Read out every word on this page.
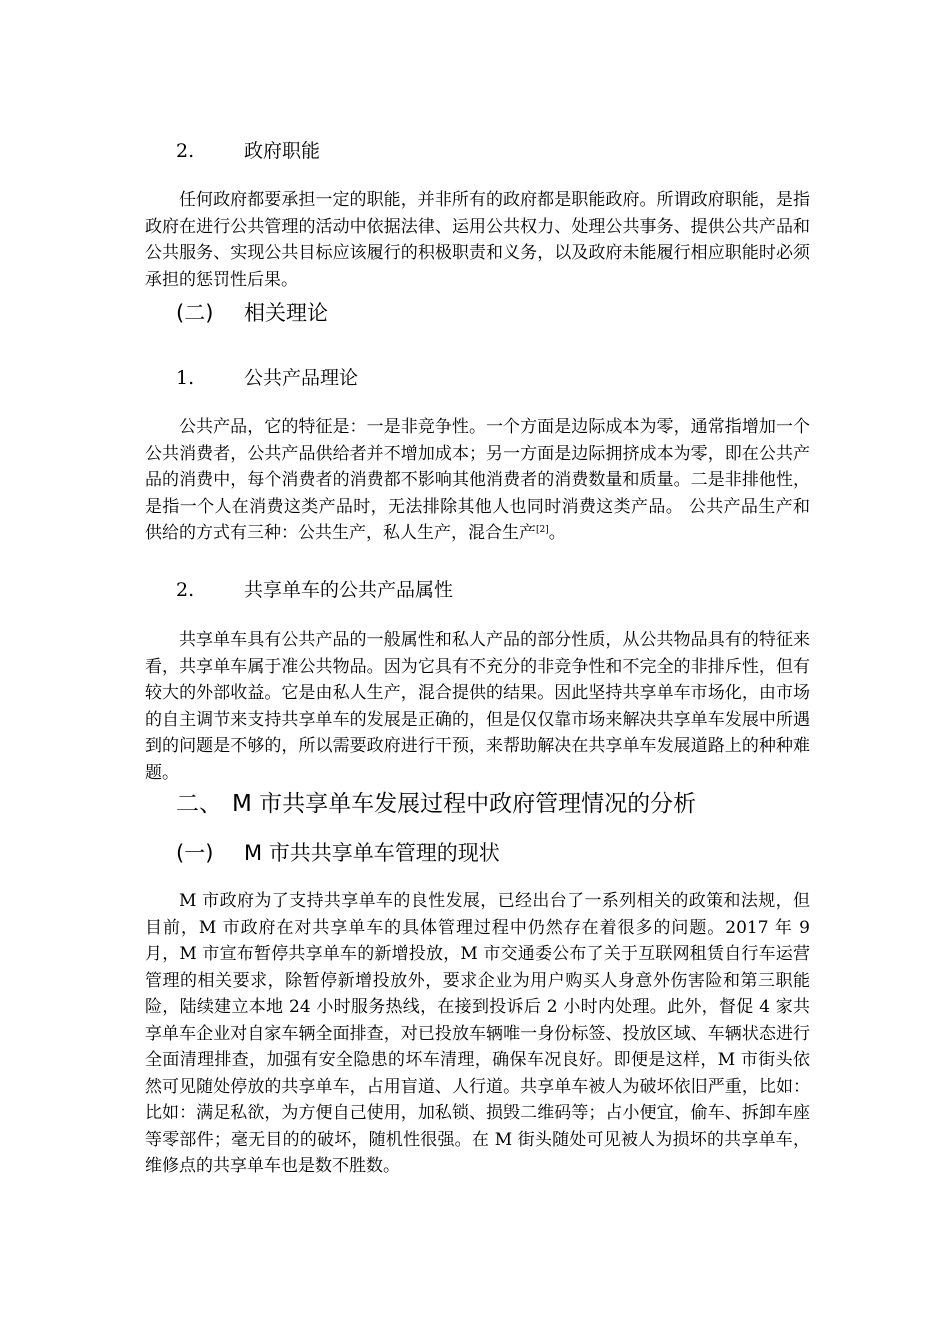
2.	政府职能

任何政府都要承担一定的职能，并非所有的政府都是职能政府。所谓政府职能，是指政府在进行公共管理的活动中依据法律、运用公共权力、处理公共事务、提供公共产品和公共服务、实现公共目标应该履行的积极职责和义务，以及政府未能履行相应职能时必须承担的惩罚性后果。

(二) 相关理论
1.	公共产品理论

公共产品，它的特征是：一是非竞争性。一个方面是边际成本为零，通常指增加一个公共消费者，公共产品供给者并不增加成本；另一方面是边际拥挤成本为零，即在公共产品的消费中，每个消费者的消费都不影响其他消费者的消费数量和质量。二是非排他性，是指一个人在消费这类产品时，无法排除其他人也同时消费这类产品。 公共产品生产和供给的方式有三种：公共生产，私人生产，混合生产[2]。

2.	共享单车的公共产品属性

共享单车具有公共产品的一般属性和私人产品的部分性质，从公共物品具有的特征来看，共享单车属于准公共物品。因为它具有不充分的非竞争性和不完全的非排斥性，但有较大的外部收益。它是由私人生产，混合提供的结果。因此坚持共享单车市场化，由市场的自主调节来支持共享单车的发展是正确的，但是仅仅靠市场来解决共享单车发展中所遇到的问题是不够的，所以需要政府进行干预，来帮助解决在共享单车发展道路上的种种难题。

二、 M 市共享单车发展过程中政府管理情况的分析
(一) M 市共共享单车管理的现状

M 市政府为了支持共享单车的良性发展，已经出台了一系列相关的政策和法规，但目前，M 市政府在对共享单车的具体管理过程中仍然存在着很多的问题。2017 年 9 月，M 市宣布暂停共享单车的新增投放，M 市交通委公布了关于互联网租赁自行车运营管理的相关要求，除暂停新增投放外，要求企业为用户购买人身意外伤害险和第三职能险，陆续建立本地 24 小时服务热线，在接到投诉后 2 小时内处理。此外，督促 4 家共享单车企业对自家车辆全面排查，对已投放车辆唯一身份标签、投放区域、车辆状态进行全面清理排查，加强有安全隐患的坏车清理，确保车况良好。即便是这样，M 市街头依然可见随处停放的共享单车，占用盲道、人行道。共享单车被人为破坏依旧严重，比如：比如：满足私欲，为方便自己使用，加私锁、损毁二维码等；占小便宜，偷车、拆卸车座等零部件；毫无目的的破坏，随机性很强。在 M 街头随处可见被人为损坏的共享单车，维修点的共享单车也是数不胜数。
